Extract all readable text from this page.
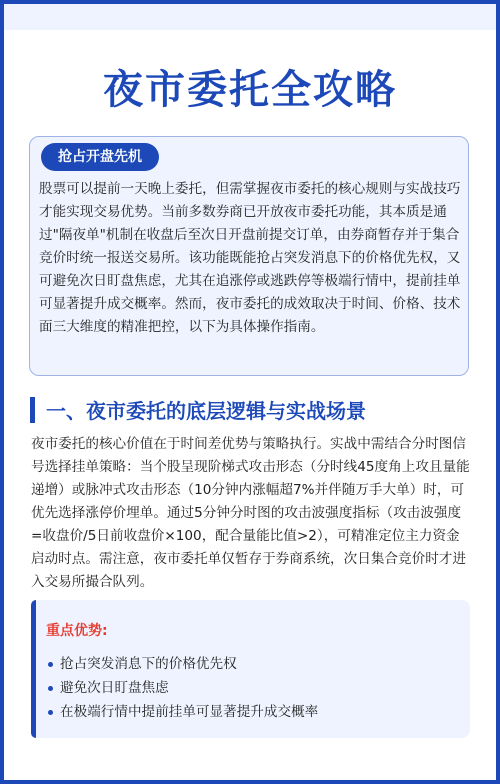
夜市委托全攻略
抢占开盘先机
股票可以提前一天晚上委托，但需掌握夜市委托的核心规则与实战技巧才能实现交易优势。当前多数券商已开放夜市委托功能，其本质是通过"隔夜单"机制在收盘后至次日开盘前提交订单，由券商暂存并于集合竞价时统一报送交易所。该功能既能抢占突发消息下的价格优先权，又可避免次日盯盘焦虑，尤其在追涨停或逃跌停等极端行情中，提前挂单可显著提升成交概率。然而，夜市委托的成效取决于时间、价格、技术面三大维度的精准把控，以下为具体操作指南。
一、夜市委托的底层逻辑与实战场景
夜市委托的核心价值在于时间差优势与策略执行。实战中需结合分时图信号选择挂单策略：当个股呈现阶梯式攻击形态（分时线45度角上攻且量能递增）或脉冲式攻击形态（10分钟内涨幅超7%并伴随万手大单）时，可优先选择涨停价埋单。通过5分钟分时图的攻击波强度指标（攻击波强度=收盘价/5日前收盘价×100，配合量能比值>2），可精准定位主力资金启动时点。需注意，夜市委托单仅暂存于券商系统，次日集合竞价时才进入交易所撮合队列。
重点优势:
抢占突发消息下的价格优先权
避免次日盯盘焦虑
在极端行情中提前挂单可显著提升成交概率
